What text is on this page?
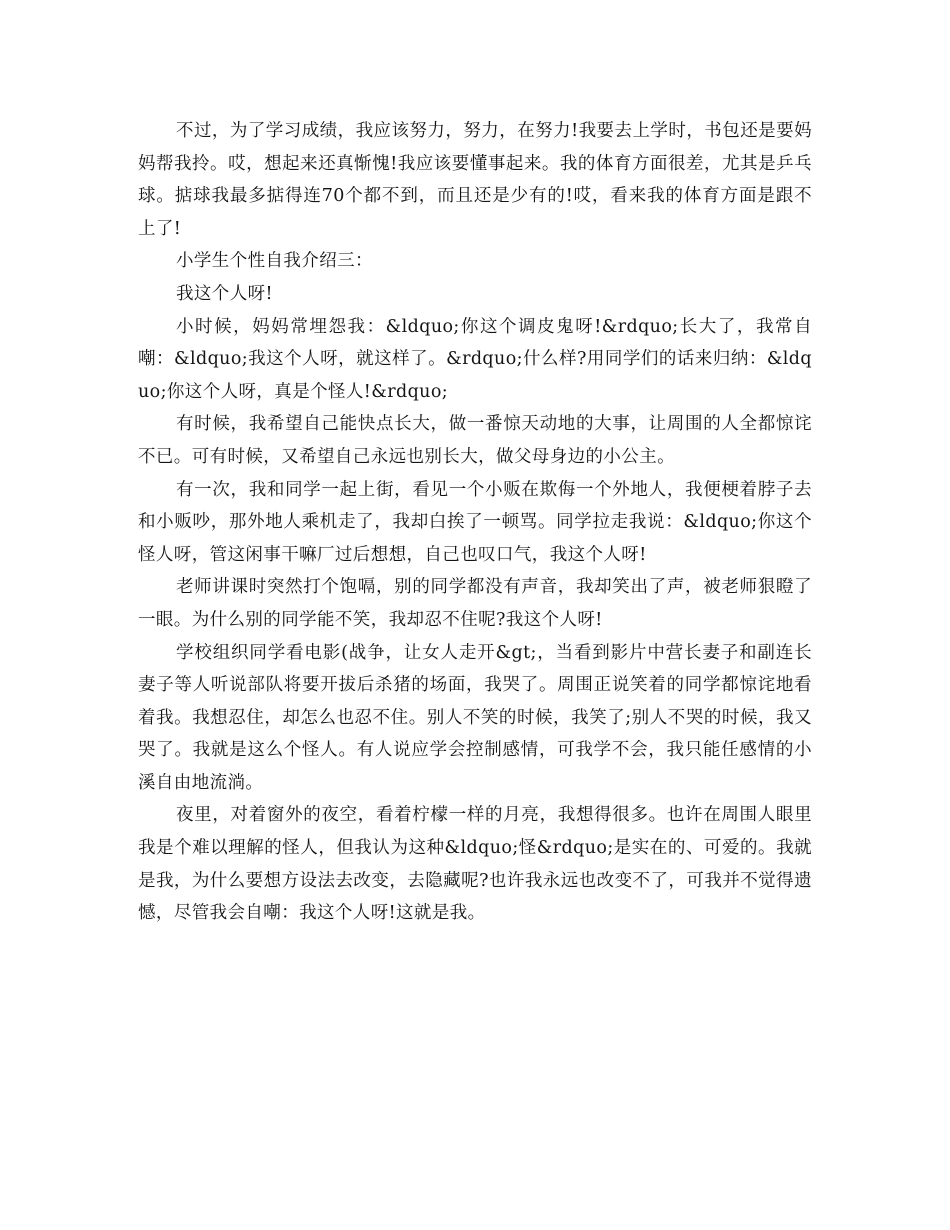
不过，为了学习成绩，我应该努力，努力，在努力!我要去上学时，书包还是要妈妈帮我拎。哎，想起来还真惭愧!我应该要懂事起来。我的体育方面很差，尤其是乒乓球。掂球我最多掂得连70个都不到，而且还是少有的!哎，看来我的体育方面是跟不上了!

小学生个性自我介绍三：

我这个人呀!

小时候，妈妈常埋怨我：&ldquo;你这个调皮鬼呀!&rdquo;长大了，我常自嘲：&ldquo;我这个人呀，就这样了。&rdquo;什么样?用同学们的话来归纳：&ldquo;你这个人呀，真是个怪人!&rdquo;

有时候，我希望自己能快点长大，做一番惊天动地的大事，让周围的人全都惊诧不已。可有时候，又希望自己永远也别长大，做父母身边的小公主。

有一次，我和同学一起上街，看见一个小贩在欺侮一个外地人，我便梗着脖子去和小贩吵，那外地人乘机走了，我却白挨了一顿骂。同学拉走我说：&ldquo;你这个怪人呀，管这闲事干嘛厂过后想想，自己也叹口气，我这个人呀!

老师讲课时突然打个饱嗝，别的同学都没有声音，我却笑出了声，被老师狠瞪了一眼。为什么别的同学能不笑，我却忍不住呢?我这个人呀!

学校组织同学看电影(战争，让女人走开&gt;，当看到影片中营长妻子和副连长妻子等人听说部队将要开拔后杀猪的场面，我哭了。周围正说笑着的同学都惊诧地看着我。我想忍住，却怎么也忍不住。别人不笑的时候，我笑了;别人不哭的时候，我又哭了。我就是这么个怪人。有人说应学会控制感情，可我学不会，我只能任感情的小溪自由地流淌。

夜里，对着窗外的夜空，看着柠檬一样的月亮，我想得很多。也许在周围人眼里我是个难以理解的怪人，但我认为这种&ldquo;怪&rdquo;是实在的、可爱的。我就是我，为什么要想方设法去改变，去隐藏呢?也许我永远也改变不了，可我并不觉得遗憾，尽管我会自嘲：我这个人呀!这就是我。
